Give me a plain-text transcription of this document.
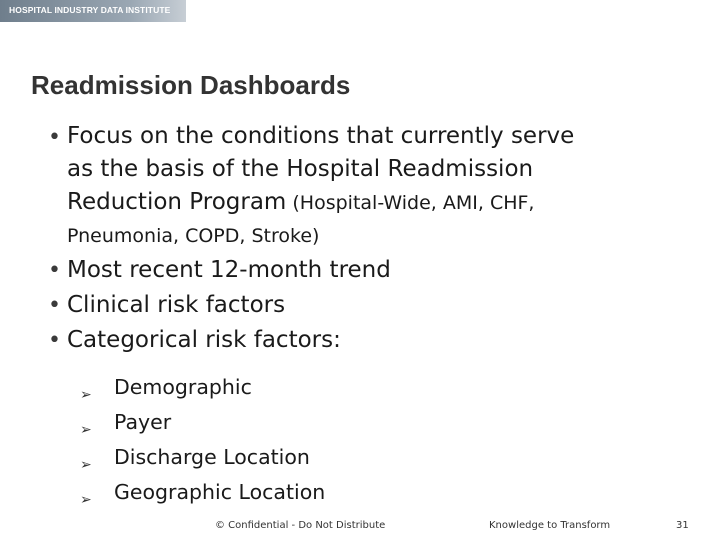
HOSPITAL INDUSTRY DATA INSTITUTE
Readmission Dashboards
• Focus on the conditions that currently serve
as the basis of the Hospital Readmission
Reduction Program (Hospital-Wide, AMI, CHF,
Pneumonia, COPD, Stroke)
• Most recent 12-month trend
• Clinical risk factors
• Categorical risk factors:
➢ Demographic
➢ Payer
➢ Discharge Location
➢ Geographic Location
© Confidential - Do Not Distribute	Knowledge to Transform	31
